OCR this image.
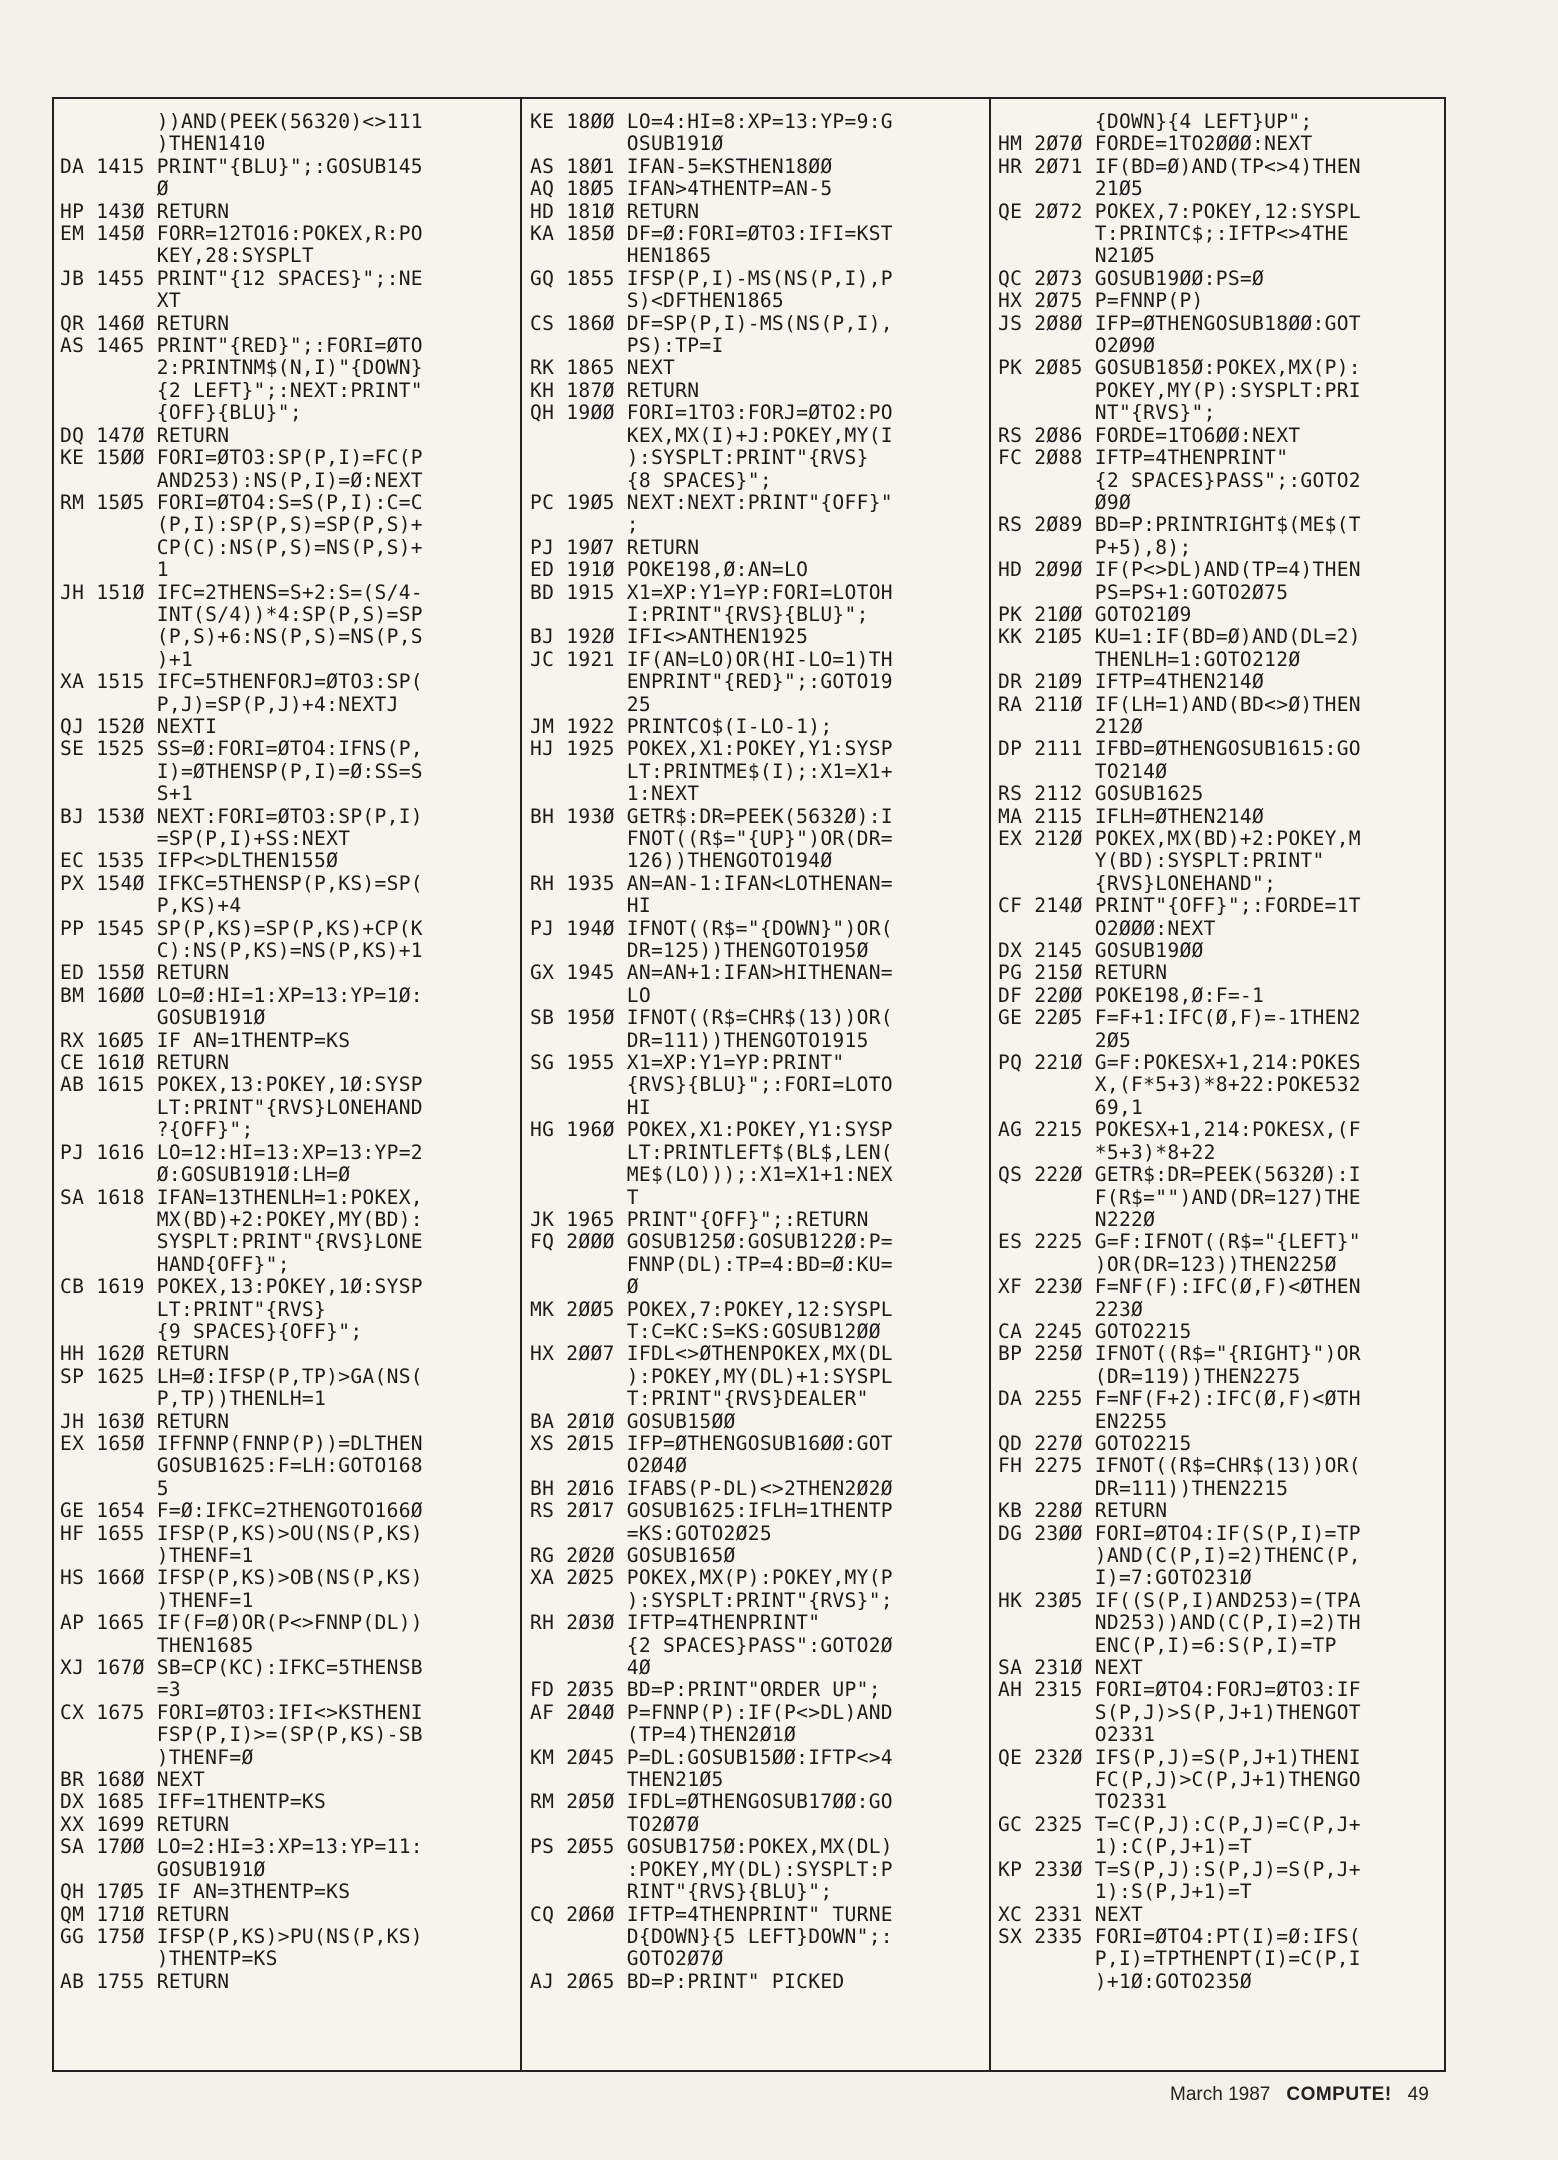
))AND(PEEK(56320)<>111
)THEN1410
DA 1415 PRINT"{BLU}";:GOSUB145
Ø
HP 143Ø RETURN
EM 145Ø FORR=12TO16:POKEX,R:PO
KEY,28:SYSPLT
JB 1455 PRINT"{12 SPACES}";:NE
XT
QR 146Ø RETURN
AS 1465 PRINT"{RED}";:FORI=ØTO
2:PRINTNM$(N,I)"{DOWN}
{2 LEFT}";:NEXT:PRINT"
{OFF}{BLU}";
DQ 147Ø RETURN
KE 15ØØ FORI=ØTO3:SP(P,I)=FC(P
AND253):NS(P,I)=Ø:NEXT
RM 15Ø5 FORI=ØTO4:S=S(P,I):C=C
(P,I):SP(P,S)=SP(P,S)+
CP(C):NS(P,S)=NS(P,S)+
1
JH 151Ø IFC=2THENS=S+2:S=(S/4-
INT(S/4))*4:SP(P,S)=SP
(P,S)+6:NS(P,S)=NS(P,S
)+1
XA 1515 IFC=5THENFORJ=ØTO3:SP(
P,J)=SP(P,J)+4:NEXTJ
QJ 152Ø NEXTI
SE 1525 SS=Ø:FORI=ØTO4:IFNS(P,
I)=ØTHENSP(P,I)=Ø:SS=S
S+1
BJ 153Ø NEXT:FORI=ØTO3:SP(P,I)
=SP(P,I)+SS:NEXT
EC 1535 IFP<>DLTHEN155Ø
PX 154Ø IFKC=5THENSP(P,KS)=SP(
P,KS)+4
PP 1545 SP(P,KS)=SP(P,KS)+CP(K
C):NS(P,KS)=NS(P,KS)+1
ED 155Ø RETURN
BM 16ØØ LO=Ø:HI=1:XP=13:YP=1Ø:
GOSUB191Ø
RX 16Ø5 IF AN=1THENTP=KS
CE 161Ø RETURN
AB 1615 POKEX,13:POKEY,1Ø:SYSP
LT:PRINT"{RVS}LONEHAND
?{OFF}";
PJ 1616 LO=12:HI=13:XP=13:YP=2
Ø:GOSUB191Ø:LH=Ø
SA 1618 IFAN=13THENLH=1:POKEX,
MX(BD)+2:POKEY,MY(BD):
SYSPLT:PRINT"{RVS}LONE
HAND{OFF}";
CB 1619 POKEX,13:POKEY,1Ø:SYSP
LT:PRINT"{RVS}
{9 SPACES}{OFF}";
HH 162Ø RETURN
SP 1625 LH=Ø:IFSP(P,TP)>GA(NS(
P,TP))THENLH=1
JH 163Ø RETURN
EX 165Ø IFFNNP(FNNP(P))=DLTHEN
GOSUB1625:F=LH:GOTO168
5
GE 1654 F=Ø:IFKC=2THENGOTO166Ø
HF 1655 IFSP(P,KS)>OU(NS(P,KS)
)THENF=1
HS 166Ø IFSP(P,KS)>OB(NS(P,KS)
)THENF=1
AP 1665 IF(F=Ø)OR(P<>FNNP(DL))
THEN1685
XJ 167Ø SB=CP(KC):IFKC=5THENSB
=3
CX 1675 FORI=ØTO3:IFI<>KSTHENI
FSP(P,I)>=(SP(P,KS)-SB
)THENF=Ø
BR 168Ø NEXT
DX 1685 IFF=1THENTP=KS
XX 1699 RETURN
SA 17ØØ LO=2:HI=3:XP=13:YP=11:
GOSUB191Ø
QH 17Ø5 IF AN=3THENTP=KS
QM 171Ø RETURN
GG 175Ø IFSP(P,KS)>PU(NS(P,KS)
)THENTP=KS
AB 1755 RETURN
KE 18ØØ LO=4:HI=8:XP=13:YP=9:G
OSUB191Ø
AS 18Ø1 IFAN-5=KSTHEN18ØØ
AQ 18Ø5 IFAN>4THENTP=AN-5
HD 181Ø RETURN
KA 185Ø DF=Ø:FORI=ØTO3:IFI=KST
HEN1865
GQ 1855 IFSP(P,I)-MS(NS(P,I),P
S)<DFTHEN1865
CS 186Ø DF=SP(P,I)-MS(NS(P,I),
PS):TP=I
RK 1865 NEXT
KH 187Ø RETURN
QH 19ØØ FORI=1TO3:FORJ=ØTO2:PO
KEX,MX(I)+J:POKEY,MY(I
):SYSPLT:PRINT"{RVS}
{8 SPACES}";
PC 19Ø5 NEXT:NEXT:PRINT"{OFF}"
;
PJ 19Ø7 RETURN
ED 191Ø POKE198,Ø:AN=LO
BD 1915 X1=XP:Y1=YP:FORI=LOTOH
I:PRINT"{RVS}{BLU}";
BJ 192Ø IFI<>ANTHEN1925
JC 1921 IF(AN=LO)OR(HI-LO=1)TH
ENPRINT"{RED}";:GOTO19
25
JM 1922 PRINTCO$(I-LO-1);
HJ 1925 POKEX,X1:POKEY,Y1:SYSP
LT:PRINTME$(I);:X1=X1+
1:NEXT
BH 193Ø GETR$:DR=PEEK(5632Ø):I
FNOT((R$="{UP}")OR(DR=
126))THENGOTO194Ø
RH 1935 AN=AN-1:IFAN<LOTHENAN=
HI
PJ 194Ø IFNOT((R$="{DOWN}")OR(
DR=125))THENGOTO195Ø
GX 1945 AN=AN+1:IFAN>HITHENAN=
LO
SB 195Ø IFNOT((R$=CHR$(13))OR(
DR=111))THENGOTO1915
SG 1955 X1=XP:Y1=YP:PRINT"
{RVS}{BLU}";:FORI=LOTO
HI
HG 196Ø POKEX,X1:POKEY,Y1:SYSP
LT:PRINTLEFT$(BL$,LEN(
ME$(LO)));:X1=X1+1:NEX
T
JK 1965 PRINT"{OFF}";:RETURN
FQ 2ØØØ GOSUB125Ø:GOSUB122Ø:P=
FNNP(DL):TP=4:BD=Ø:KU=
Ø
MK 2ØØ5 POKEX,7:POKEY,12:SYSPL
T:C=KC:S=KS:GOSUB12ØØ
HX 2ØØ7 IFDL<>ØTHENPOKEX,MX(DL
):POKEY,MY(DL)+1:SYSPL
T:PRINT"{RVS}DEALER"
BA 2Ø1Ø GOSUB15ØØ
XS 2Ø15 IFP=ØTHENGOSUB16ØØ:GOT
O2Ø4Ø
BH 2Ø16 IFABS(P-DL)<>2THEN2Ø2Ø
RS 2Ø17 GOSUB1625:IFLH=1THENTP
=KS:GOTO2Ø25
RG 2Ø2Ø GOSUB165Ø
XA 2Ø25 POKEX,MX(P):POKEY,MY(P
):SYSPLT:PRINT"{RVS}";
RH 2Ø3Ø IFTP=4THENPRINT"
{2 SPACES}PASS":GOTO2Ø
4Ø
FD 2Ø35 BD=P:PRINT"ORDER UP";
AF 2Ø4Ø P=FNNP(P):IF(P<>DL)AND
(TP=4)THEN2Ø1Ø
KM 2Ø45 P=DL:GOSUB15ØØ:IFTP<>4
THEN21Ø5
RM 2Ø5Ø IFDL=ØTHENGOSUB17ØØ:GO
TO2Ø7Ø
PS 2Ø55 GOSUB175Ø:POKEX,MX(DL)
:POKEY,MY(DL):SYSPLT:P
RINT"{RVS}{BLU}";
CQ 2Ø6Ø IFTP=4THENPRINT" TURNE
D{DOWN}{5 LEFT}DOWN";:
GOTO2Ø7Ø
AJ 2Ø65 BD=P:PRINT" PICKED
{DOWN}{4 LEFT}UP";
HM 2Ø7Ø FORDE=1TO2ØØØ:NEXT
HR 2Ø71 IF(BD=Ø)AND(TP<>4)THEN
21Ø5
QE 2Ø72 POKEX,7:POKEY,12:SYSPL
T:PRINTC$;:IFTP<>4THE
N21Ø5
QC 2Ø73 GOSUB19ØØ:PS=Ø
HX 2Ø75 P=FNNP(P)
JS 2Ø8Ø IFP=ØTHENGOSUB18ØØ:GOT
O2Ø9Ø
PK 2Ø85 GOSUB185Ø:POKEX,MX(P):
POKEY,MY(P):SYSPLT:PRI
NT"{RVS}";
RS 2Ø86 FORDE=1TO6ØØ:NEXT
FC 2Ø88 IFTP=4THENPRINT"
{2 SPACES}PASS";:GOTO2
Ø9Ø
RS 2Ø89 BD=P:PRINTRIGHT$(ME$(T
P+5),8);
HD 2Ø9Ø IF(P<>DL)AND(TP=4)THEN
PS=PS+1:GOTO2Ø75
PK 21ØØ GOTO21Ø9
KK 21Ø5 KU=1:IF(BD=Ø)AND(DL=2)
THENLH=1:GOTO212Ø
DR 21Ø9 IFTP=4THEN214Ø
RA 211Ø IF(LH=1)AND(BD<>Ø)THEN
212Ø
DP 2111 IFBD=ØTHENGOSUB1615:GO
TO214Ø
RS 2112 GOSUB1625
MA 2115 IFLH=ØTHEN214Ø
EX 212Ø POKEX,MX(BD)+2:POKEY,M
Y(BD):SYSPLT:PRINT"
{RVS}LONEHAND";
CF 214Ø PRINT"{OFF}";:FORDE=1T
O2ØØØ:NEXT
DX 2145 GOSUB19ØØ
PG 215Ø RETURN
DF 22ØØ POKE198,Ø:F=-1
GE 22Ø5 F=F+1:IFC(Ø,F)=-1THEN2
2Ø5
PQ 221Ø G=F:POKESX+1,214:POKES
X,(F*5+3)*8+22:POKE532
69,1
AG 2215 POKESX+1,214:POKESX,(F
*5+3)*8+22
QS 222Ø GETR$:DR=PEEK(5632Ø):I
F(R$="")AND(DR=127)THE
N222Ø
ES 2225 G=F:IFNOT((R$="{LEFT}"
)OR(DR=123))THEN225Ø
XF 223Ø F=NF(F):IFC(Ø,F)<ØTHEN
223Ø
CA 2245 GOTO2215
BP 225Ø IFNOT((R$="{RIGHT}")OR
(DR=119))THEN2275
DA 2255 F=NF(F+2):IFC(Ø,F)<ØTH
EN2255
QD 227Ø GOTO2215
FH 2275 IFNOT((R$=CHR$(13))OR(
DR=111))THEN2215
KB 228Ø RETURN
DG 23ØØ FORI=ØTO4:IF(S(P,I)=TP
)AND(C(P,I)=2)THENC(P,
I)=7:GOTO231Ø
HK 23Ø5 IF((S(P,I)AND253)=(TPA
ND253))AND(C(P,I)=2)TH
ENC(P,I)=6:S(P,I)=TP
SA 231Ø NEXT
AH 2315 FORI=ØTO4:FORJ=ØTO3:IF
S(P,J)>S(P,J+1)THENGOT
O2331
QE 232Ø IFS(P,J)=S(P,J+1)THENI
FC(P,J)>C(P,J+1)THENGO
TO2331
GC 2325 T=C(P,J):C(P,J)=C(P,J+
1):C(P,J+1)=T
KP 233Ø T=S(P,J):S(P,J)=S(P,J+
1):S(P,J+1)=T
XC 2331 NEXT
SX 2335 FORI=ØTO4:PT(I)=Ø:IFS(
P,I)=TPTHENPT(I)=C(P,I
)+1Ø:GOTO235Ø
March 1987 COMPUTE! 49
